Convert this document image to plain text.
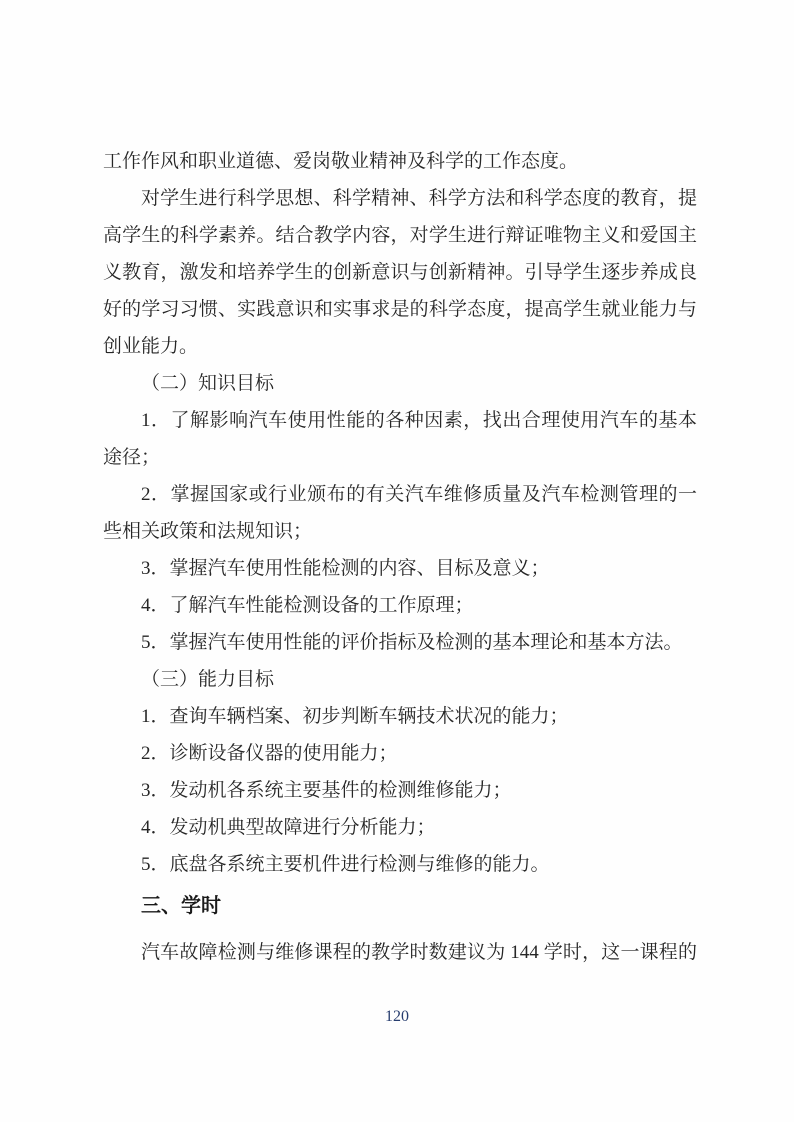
工作作风和职业道德、爱岗敬业精神及科学的工作态度。
对学生进行科学思想、科学精神、科学方法和科学态度的教育，提
高学生的科学素养。结合教学内容，对学生进行辩证唯物主义和爱国主
义教育，激发和培养学生的创新意识与创新精神。引导学生逐步养成良
好的学习习惯、实践意识和实事求是的科学态度，提高学生就业能力与
创业能力。
（二）知识目标
1．了解影响汽车使用性能的各种因素，找出合理使用汽车的基本
途径；
2．掌握国家或行业颁布的有关汽车维修质量及汽车检测管理的一
些相关政策和法规知识；
3．掌握汽车使用性能检测的内容、目标及意义；
4．了解汽车性能检测设备的工作原理；
5．掌握汽车使用性能的评价指标及检测的基本理论和基本方法。
（三）能力目标
1．查询车辆档案、初步判断车辆技术状况的能力；
2．诊断设备仪器的使用能力；
3．发动机各系统主要基件的检测维修能力；
4．发动机典型故障进行分析能力；
5．底盘各系统主要机件进行检测与维修的能力。
三、学时
汽车故障检测与维修课程的教学时数建议为 144 学时，这一课程的
120
